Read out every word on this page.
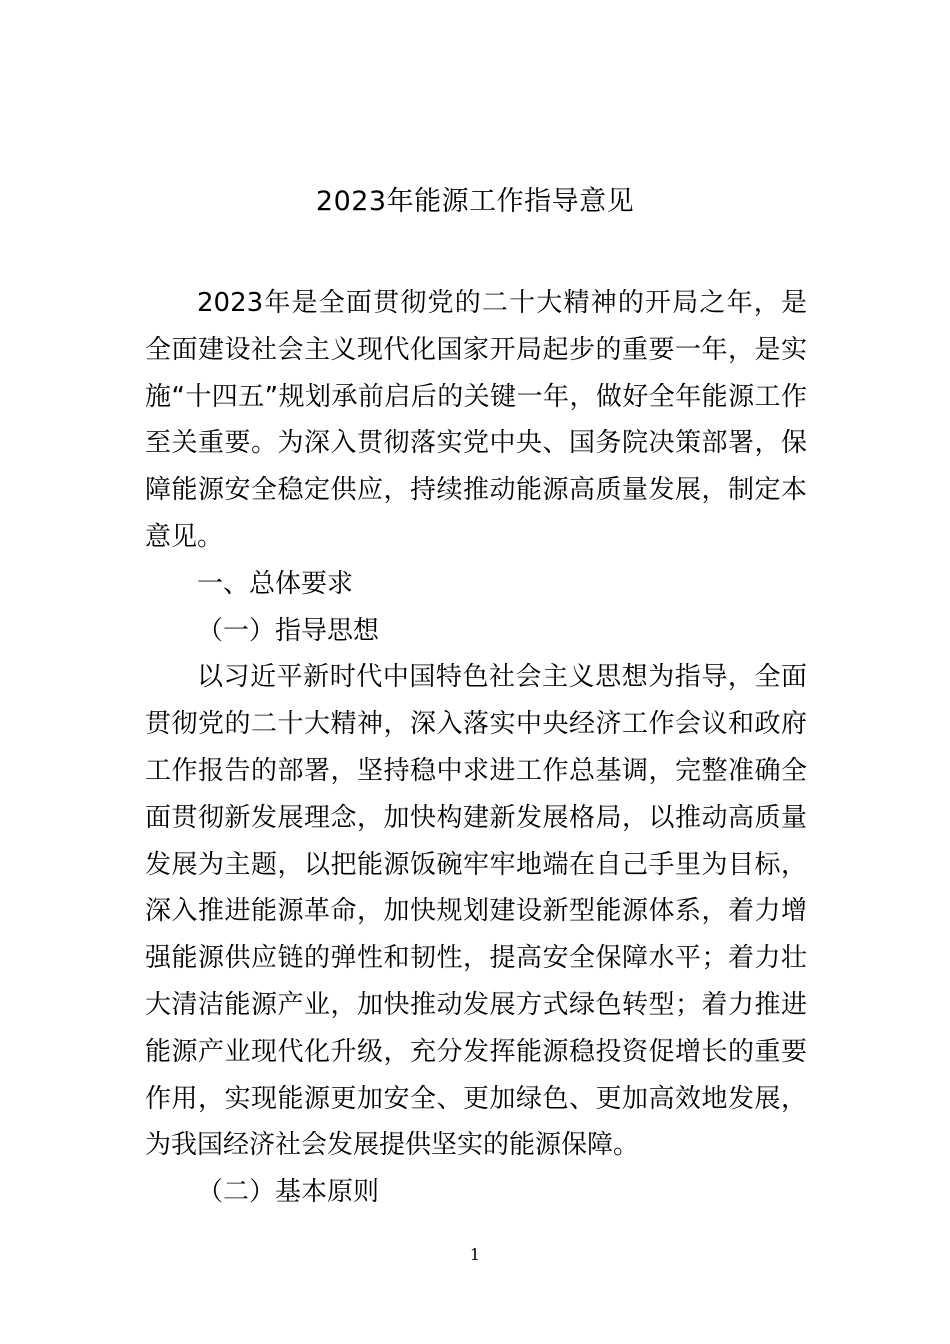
2023年能源工作指导意见

2023年是全面贯彻党的二十大精神的开局之年，是全面建设社会主义现代化国家开局起步的重要一年，是实施“十四五”规划承前启后的关键一年，做好全年能源工作至关重要。为深入贯彻落实党中央、国务院决策部署，保障能源安全稳定供应，持续推动能源高质量发展，制定本意见。

一、总体要求

（一）指导思想

以习近平新时代中国特色社会主义思想为指导，全面贯彻党的二十大精神，深入落实中央经济工作会议和政府工作报告的部署，坚持稳中求进工作总基调，完整准确全面贯彻新发展理念，加快构建新发展格局，以推动高质量发展为主题，以把能源饭碗牢牢地端在自己手里为目标，深入推进能源革命，加快规划建设新型能源体系，着力增强能源供应链的弹性和韧性，提高安全保障水平；着力壮大清洁能源产业，加快推动发展方式绿色转型；着力推进能源产业现代化升级，充分发挥能源稳投资促增长的重要作用，实现能源更加安全、更加绿色、更加高效地发展，为我国经济社会发展提供坚实的能源保障。

（二）基本原则

1
